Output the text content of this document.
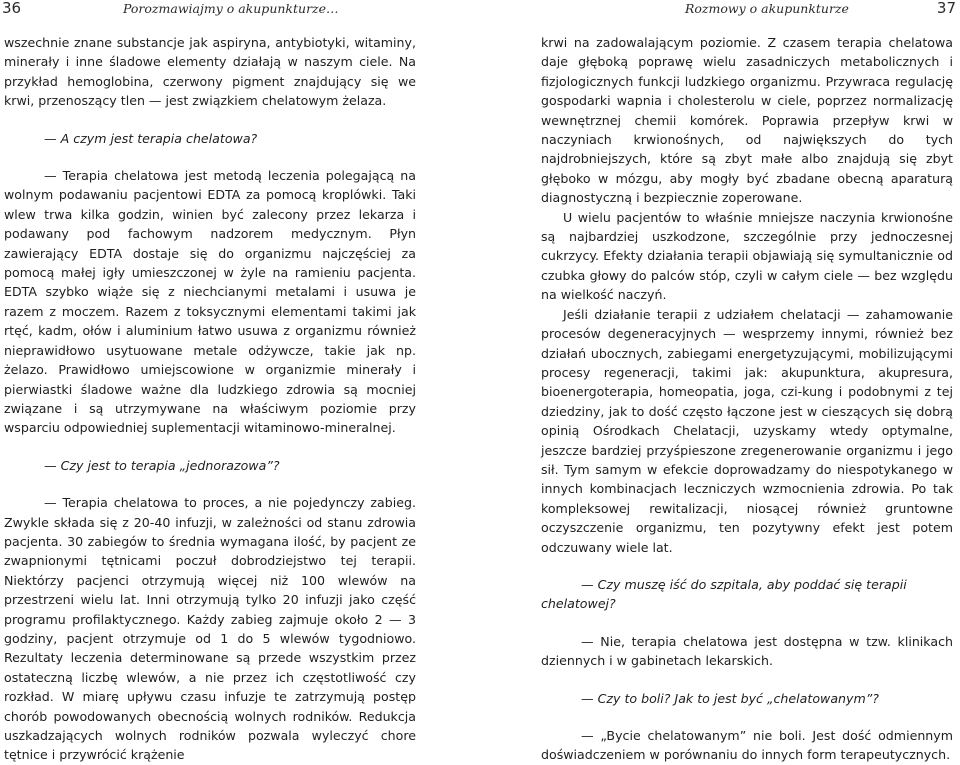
36	Porozmawiajmy o akupunkturze…	Rozmowy o akupunkturze	37

wszechnie znane substancje jak aspiryna, antybiotyki, witaminy, minerały i inne śladowe elementy działają w naszym ciele. Na przykład hemoglobina, czerwony pigment znajdujący się we krwi, przenoszący tlen — jest związkiem chelatowym żelaza.

— A czym jest terapia chelatowa?

— Terapia chelatowa jest metodą leczenia polegającą na wolnym podawaniu pacjentowi EDTA za pomocą kroplówki. Taki wlew trwa kilka godzin, winien być zalecony przez lekarza i podawany pod fachowym nadzorem medycznym. Płyn zawierający EDTA dostaje się do organizmu najczęściej za pomocą małej igły umieszczonej w żyle na ramieniu pacjenta. EDTA szybko wiąże się z niechcianymi metalami i usuwa je razem z moczem. Razem z toksycznymi elementami takimi jak rtęć, kadm, ołów i aluminium łatwo usuwa z organizmu również nieprawidłowo usytuowane metale odżywcze, takie jak np. żelazo. Prawidłowo umiejscowione w organizmie minerały i pierwiastki śladowe ważne dla ludzkiego zdrowia są mocniej związane i są utrzymywane na właściwym poziomie przy wsparciu odpowiedniej suplementacji witaminowo-mineralnej.

— Czy jest to terapia „jednorazowa”?

— Terapia chelatowa to proces, a nie pojedynczy zabieg. Zwykle składa się z 20-40 infuzji, w zależności od stanu zdrowia pacjenta. 30 zabiegów to średnia wymagana ilość, by pacjent ze zwapnionymi tętnicami poczuł dobrodziejstwo tej terapii. Niektórzy pacjenci otrzymują więcej niż 100 wlewów na przestrzeni wielu lat. Inni otrzymują tylko 20 infuzji jako część programu profilaktycznego. Każdy zabieg zajmuje około 2 — 3 godziny, pacjent otrzymuje od 1 do 5 wlewów tygodniowo. Rezultaty leczenia determinowane są przede wszystkim przez ostateczną liczbę wlewów, a nie przez ich częstotliwość czy rozkład. W miarę upływu czasu infuzje te zatrzymują postęp chorób powodowanych obecnością wolnych rodników. Redukcja uszkadzających wolnych rodników pozwala wyleczyć chore tętnice i przywrócić krążenie

krwi na zadowalającym poziomie. Z czasem terapia chelatowa daje głęboką poprawę wielu zasadniczych metabolicznych i fizjologicznych funkcji ludzkiego organizmu. Przywraca regulację gospodarki wapnia i cholesterolu w ciele, poprzez normalizację wewnętrznej chemii komórek. Poprawia przepływ krwi w naczyniach krwionośnych, od największych do tych najdrobniejszych, które są zbyt małe albo znajdują się zbyt głęboko w mózgu, aby mogły być zbadane obecną aparaturą diagnostyczną i bezpiecznie zoperowane.

U wielu pacjentów to właśnie mniejsze naczynia krwionośne są najbardziej uszkodzone, szczególnie przy jednoczesnej cukrzycy. Efekty działania terapii objawiają się symultanicznie od czubka głowy do palców stóp, czyli w całym ciele — bez względu na wielkość naczyń.

Jeśli działanie terapii z udziałem chelatacji — zahamowanie procesów degeneracyjnych — wesprzemy innymi, również bez działań ubocznych, zabiegami energetyzującymi, mobilizującymi procesy regeneracji, takimi jak: akupunktura, akupresura, bioenergoterapia, homeopatia, joga, czi-kung i podobnymi z tej dziedziny, jak to dość często łączone jest w cieszących się dobrą opinią Ośrodkach Chelatacji, uzyskamy wtedy optymalne, jeszcze bardziej przyśpieszone zregenerowanie organizmu i jego sił. Tym samym w efekcie doprowadzamy do niespotykanego w innych kombinacjach leczniczych wzmocnienia zdrowia. Po tak kompleksowej rewitalizacji, niosącej również gruntowne oczyszczenie organizmu, ten pozytywny efekt jest potem odczuwany wiele lat.

— Czy muszę iść do szpitala, aby poddać się terapii chelatowej?

— Nie, terapia chelatowa jest dostępna w tzw. klinikach dziennych i w gabinetach lekarskich.

— Czy to boli? Jak to jest być „chelatowanym”?

— „Bycie chelatowanym” nie boli. Jest dość odmiennym doświadczeniem w porównaniu do innych form terapeutycznych.
